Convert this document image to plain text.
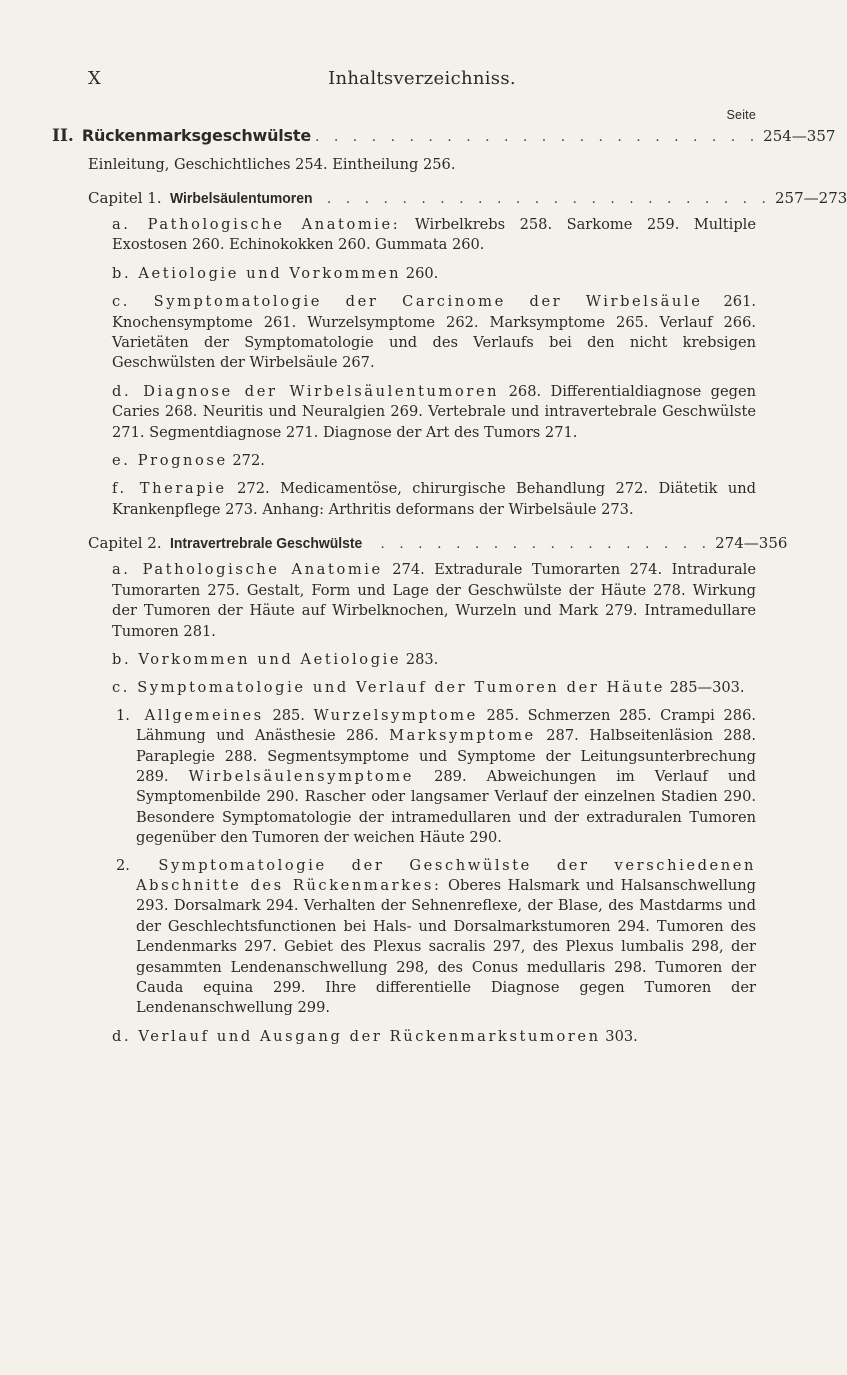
X	Inhaltsverzeichniss.
Seite
II. Rückenmarksgeschwülste . . . . . . . . . . . . . . . . . . . . . . . . 254—357
Einleitung, Geschichtliches 254. Eintheilung 256.
Capitel 1. Wirbelsäulentumoren . . . . . . . . . . . . . . . . . . . . . . . . 257—273
a. Pathologische Anatomie: Wirbelkrebs 258. Sarkome 259. Multiple Exostosen 260. Echinokokken 260. Gummata 260.
b. Aetiologie und Vorkommen 260.
c. Symptomatologie der Carcinome der Wirbelsäule 261. Knochensymptome 261. Wurzelsymptome 262. Marksymptome 265. Verlauf 266. Varietäten der Symptomatologie und des Verlaufs bei den nicht krebsigen Geschwülsten der Wirbelsäule 267.
d. Diagnose der Wirbelsäulentumoren 268. Differentialdiagnose gegen Caries 268. Neuritis und Neuralgien 269. Vertebrale und intravertebrale Geschwülste 271. Segmentdiagnose 271. Diagnose der Art des Tumors 271.
e. Prognose 272.
f. Therapie 272. Medicamentöse, chirurgische Behandlung 272. Diätetik und Krankenpflege 273. Anhang: Arthritis deformans der Wirbelsäule 273.
Capitel 2. Intravertrebrale Geschwülste . . . . . . . . . . . . . . . . . . 274—356
a. Pathologische Anatomie 274. Extradurale Tumorarten 274. Intradurale Tumorarten 275. Gestalt, Form und Lage der Geschwülste der Häute 278. Wirkung der Tumoren der Häute auf Wirbelknochen, Wurzeln und Mark 279. Intramedullare Tumoren 281.
b. Vorkommen und Aetiologie 283.
c. Symptomatologie und Verlauf der Tumoren der Häute 285—303.
1. Allgemeines 285. Wurzelsymptome 285. Schmerzen 285. Crampi 286. Lähmung und Anästhesie 286. Marksymptome 287. Halbseitenläsion 288. Paraplegie 288. Segmentsymptome und Symptome der Leitungsunterbrechung 289. Wirbelsäulensymptome 289. Abweichungen im Verlauf und Symptomenbilde 290. Rascher oder langsamer Verlauf der einzelnen Stadien 290. Besondere Symptomatologie der intramedullaren und der extraduralen Tumoren gegenüber den Tumoren der weichen Häute 290.
2. Symptomatologie der Geschwülste der verschiedenen Abschnitte des Rückenmarkes: Oberes Halsmark und Halsanschwellung 293. Dorsalmark 294. Verhalten der Sehnenreflexe, der Blase, des Mastdarms und der Geschlechtsfunctionen bei Hals- und Dorsalmarkstumoren 294. Tumoren des Lendenmarks 297. Gebiet des Plexus sacralis 297, des Plexus lumbalis 298, der gesammten Lendenanschwellung 298, des Conus medullaris 298. Tumoren der Cauda equina 299. Ihre differentielle Diagnose gegen Tumoren der Lendenanschwellung 299.
d. Verlauf und Ausgang der Rückenmarkstumoren 303.
